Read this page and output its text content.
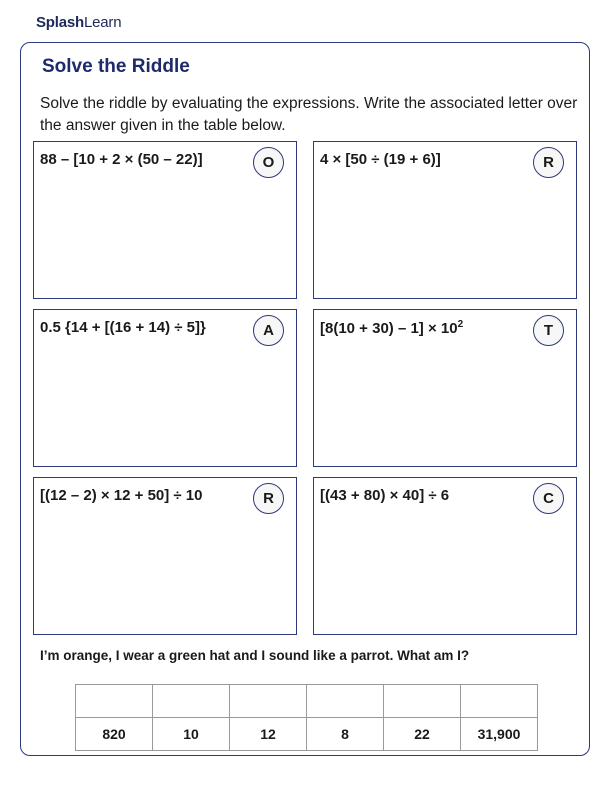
SplashLearn
Solve the Riddle
Solve the riddle by evaluating the expressions. Write the associated letter over the answer given in the table below.
88 – [10 + 2 × (50 – 22)]	O	4 × [50 ÷ (19 + 6)]	R
0.5 {14 + [(16 + 14) ÷ 5]}	A	$[8(10 + 30) - 1] \times 10^2$	T
[(12 – 2) × 12 + 50] ÷ 10	R	[(43 + 80) × 40] ÷ 6	C
I’m orange, I wear a green hat and I sound like a parrot. What am I?

820	10	12	8	22	31,900
